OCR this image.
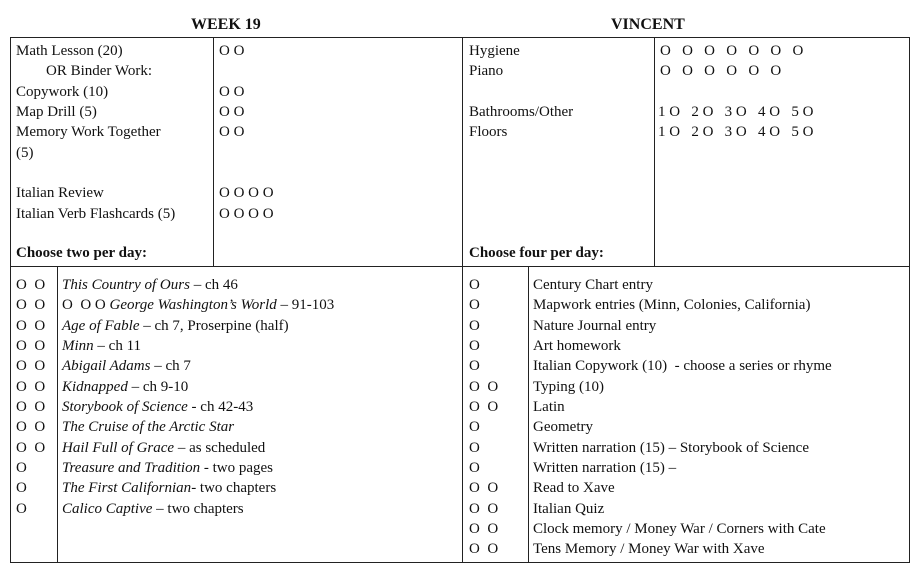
WEEK 19	VINCENT
Math Lesson (20)	O O
OR Binder Work:
Copywork (10)	O O
Map Drill (5)	O O
Memory Work Together	O O
(5)
Italian Review	O O O O
Italian Verb Flashcards (5)	O O O O
Choose two per day:
Hygiene	O   O   O   O   O   O   O
Piano	O   O   O   O   O   O
Bathrooms/Other	1 O   2 O   3 O   4 O   5 O
Floors	1 O   2 O   3 O   4 O   5 O
Choose four per day:
O  O This Country of Ours – ch 46
O  O O  O O George Washington’s World – 91-103
O  O Age of Fable – ch 7, Proserpine (half)
O  O Minn – ch 11
O  O Abigail Adams – ch 7
O  O Kidnapped – ch 9-10
O  O Storybook of Science - ch 42-43
O  O The Cruise of the Arctic Star
O  O Hail Full of Grace – as scheduled
O Treasure and Tradition - two pages
O The First Californian- two chapters
O Calico Captive – two chapters
O	Century Chart entry
O	Mapwork entries (Minn, Colonies, California)
O	Nature Journal entry
O	Art homework
O	Italian Copywork (10)  - choose a series or rhyme
O  O Typing (10)
O  O Latin
O	Geometry
O	Written narration (15) – Storybook of Science
O	Written narration (15) –
O  O Read to Xave
O  O Italian Quiz
O  O Clock memory / Money War / Corners with Cate
O  O Tens Memory / Money War with Xave
